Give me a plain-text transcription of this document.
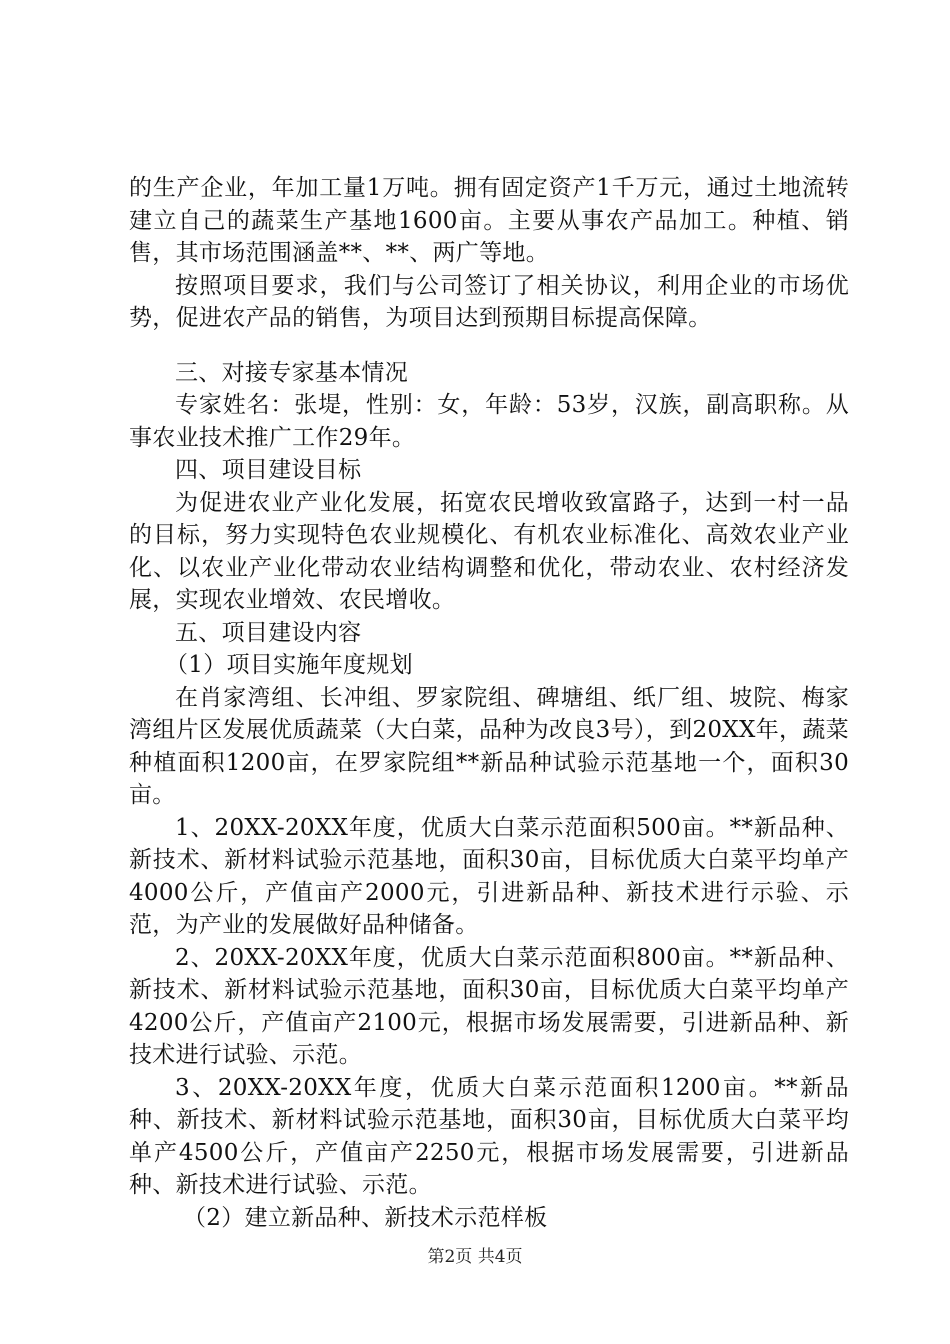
的生产企业，年加工量1万吨。拥有固定资产1千万元，通过土地流转建立自己的蔬菜生产基地1600亩。主要从事农产品加工。种植、销售，其市场范围涵盖**、**、两广等地。

按照项目要求，我们与公司签订了相关协议，利用企业的市场优势，促进农产品的销售，为项目达到预期目标提高保障。

三、对接专家基本情况

专家姓名：张堤，性别：女，年龄：53岁，汉族，副高职称。从事农业技术推广工作29年。

四、项目建设目标

为促进农业产业化发展，拓宽农民增收致富路子，达到一村一品的目标，努力实现特色农业规模化、有机农业标准化、高效农业产业化、以农业产业化带动农业结构调整和优化，带动农业、农村经济发展，实现农业增效、农民增收。

五、项目建设内容

（1）项目实施年度规划

在肖家湾组、长冲组、罗家院组、碑塘组、纸厂组、坡院、梅家湾组片区发展优质蔬菜（大白菜，品种为改良3号），到20XX年，蔬菜种植面积1200亩，在罗家院组**新品种试验示范基地一个，面积30亩。

1、20XX-20XX年度，优质大白菜示范面积500亩。**新品种、新技术、新材料试验示范基地，面积30亩，目标优质大白菜平均单产4000公斤，产值亩产2000元，引进新品种、新技术进行示验、示范，为产业的发展做好品种储备。

2、20XX-20XX年度，优质大白菜示范面积800亩。**新品种、新技术、新材料试验示范基地，面积30亩，目标优质大白菜平均单产4200公斤，产值亩产2100元，根据市场发展需要，引进新品种、新技术进行试验、示范。

3、20XX-20XX年度，优质大白菜示范面积1200亩。**新品种、新技术、新材料试验示范基地，面积30亩，目标优质大白菜平均单产4500公斤，产值亩产2250元，根据市场发展需要，引进新品种、新技术进行试验、示范。

（2）建立新品种、新技术示范样板

第2页 共4页
